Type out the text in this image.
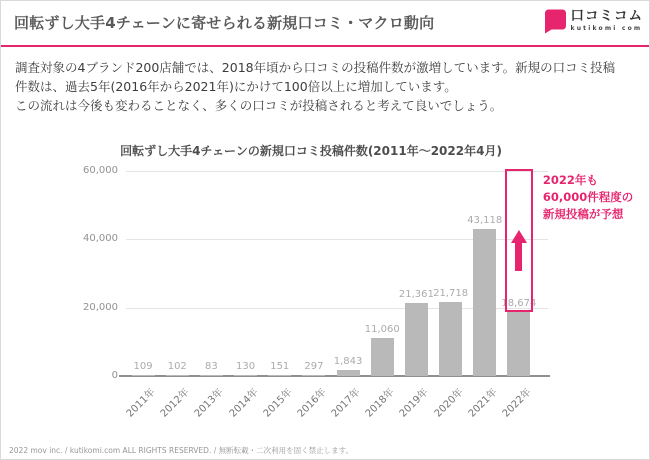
回転ずし大手4チェーンに寄せられる新規口コミ・マクロ動向	口コミコム
kutikomi com
調査対象の4ブランド200店舗では、2018年頃から口コミの投稿件数が激増しています。新規の口コミ投稿
件数は、過去5年(2016年から2021年)にかけて100倍以上に増加しています。
この流れは今後も変わることなく、多くの口コミが投稿されると考えて良いでしょう。
回転ずし大手4チェーンの新規口コミ投稿件数(2011年〜2022年4月)
0
20,000
40,000
60,000
109
2011年
102
2012年
83
2013年
130
2014年
151
2015年
297
2016年
1,843
2017年
11,060
2018年
21,361
2019年
21,718
2020年
43,118
2021年
18,674
2022年
2022年も
60,000件程度の
新規投稿が予想
2022 mov inc. / kutikomi.com ALL RIGHTS RESERVED. / 無断転載・二次利用を固く禁止します。
